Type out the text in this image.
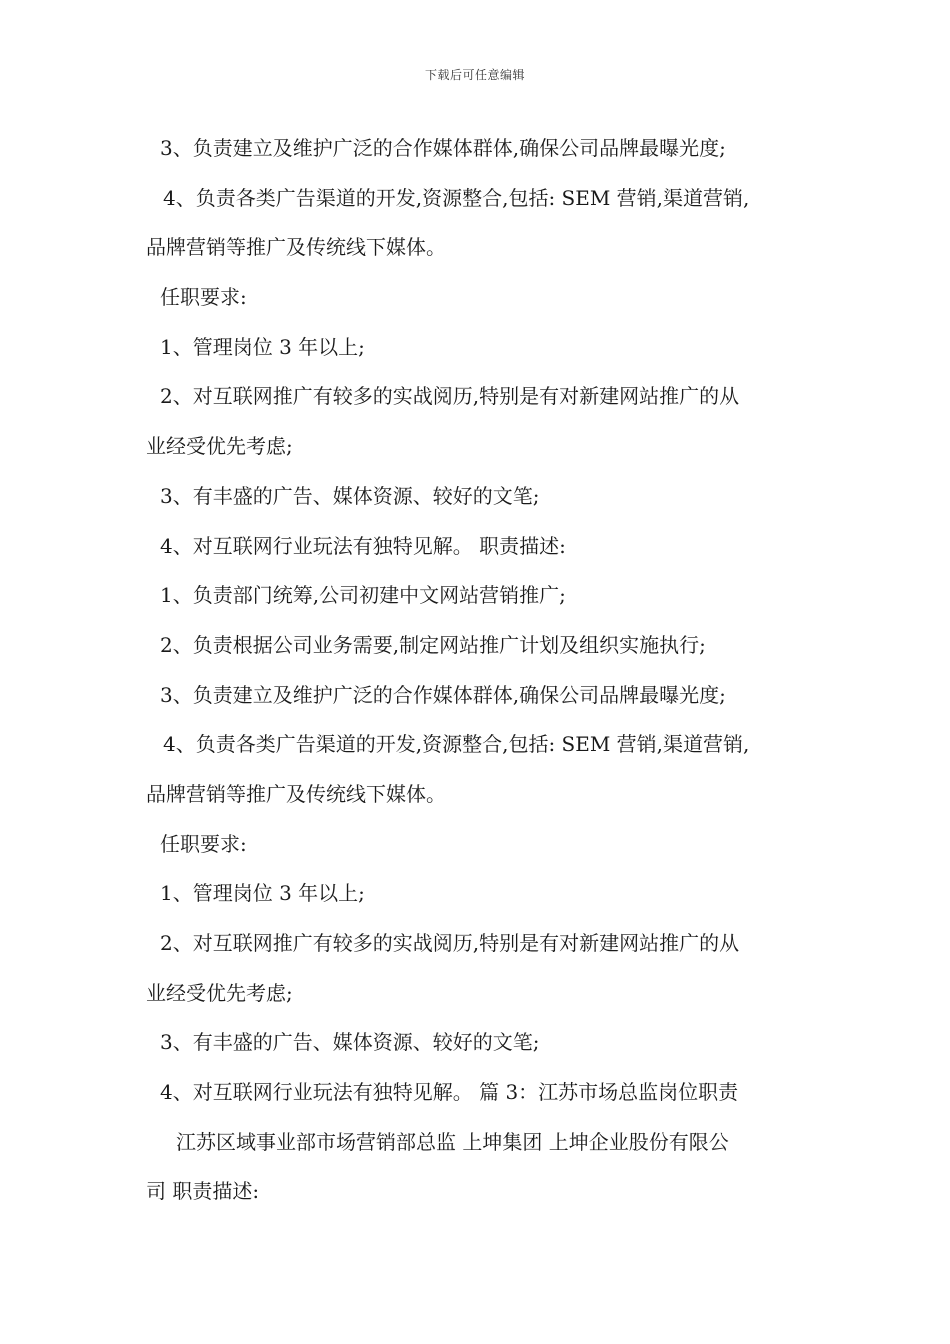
下载后可任意编辑
3、负责建立及维护广泛的合作媒体群体,确保公司品牌最曝光度;
4、负责各类广告渠道的开发,资源整合,包括: SEM 营销,渠道营销,
品牌营销等推广及传统线下媒体。
任职要求:
1、管理岗位 3 年以上;
2、对互联网推广有较多的实战阅历,特别是有对新建网站推广的从
业经受优先考虑;
3、有丰盛的广告、媒体资源、较好的文笔;
4、对互联网行业玩法有独特见解。 职责描述:
1、负责部门统筹,公司初建中文网站营销推广;
2、负责根据公司业务需要,制定网站推广计划及组织实施执行;
3、负责建立及维护广泛的合作媒体群体,确保公司品牌最曝光度;
4、负责各类广告渠道的开发,资源整合,包括: SEM 营销,渠道营销,
品牌营销等推广及传统线下媒体。
任职要求:
1、管理岗位 3 年以上;
2、对互联网推广有较多的实战阅历,特别是有对新建网站推广的从
业经受优先考虑;
3、有丰盛的广告、媒体资源、较好的文笔;
4、对互联网行业玩法有独特见解。 篇 3：江苏市场总监岗位职责
江苏区域事业部市场营销部总监 上坤集团 上坤企业股份有限公
司 职责描述:
